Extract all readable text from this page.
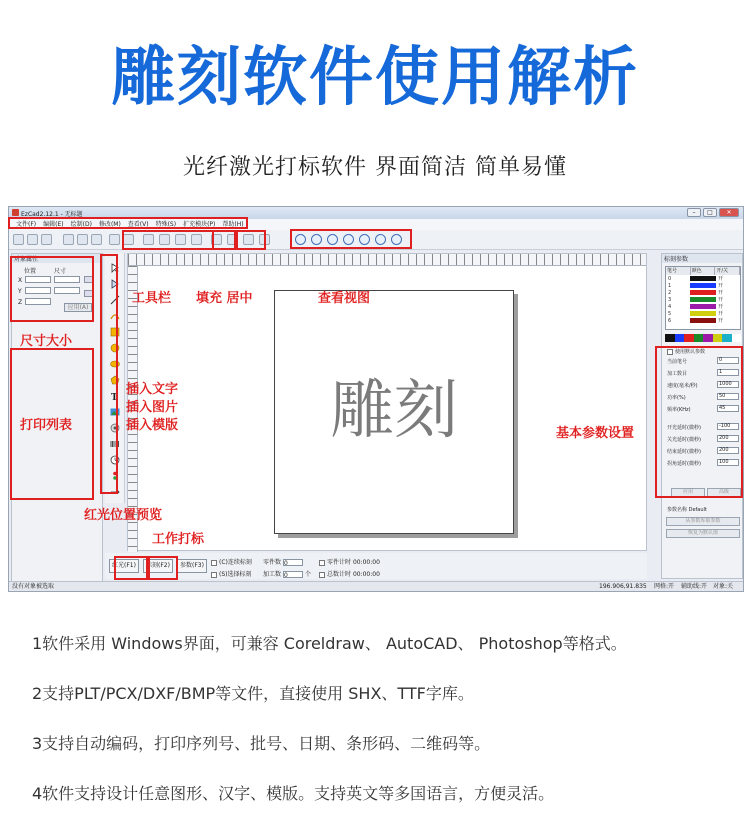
雕刻软件使用解析
光纤激光打标软件 界面简洁 简单易懂
EzCad2.12.1 - 无标题	–	□	✕
文件(F) 编辑(E) 绘制(D) 修改(M) 查看(V) 特殊(S) 扩充模块(P) 帮助(H)
对象属性
位置	尺寸
X
Y
Z
应用(A)
T	雕刻
红光(F1)	标刻(F2)	参数(F3)	(C)连续标刻
(S)选择标刻
零件数 0
加工数 0	个
零件计时 00:00:00
总数计时 00:00:00
标刻参数
笔号	颜色	开/关
0	开
1	开
2	开
3	开
4	开
5	开
6	开
使用默认参数
当前笔号	0
加工数目	1
速度(毫米/秒)	1000
功率(%)	50
频率(KHz)	45
开光延时(微秒)	-100
关光延时(微秒)	200
结束延时(微秒)	200
拐角延时(微秒)	100
应用	高级
参数名称 Default
从参数库取参数
恢复为默认值
没有对象被选取	196.906,91.835 网格:开 辅助线:开 对象:关
工具栏 填充 居中	查看视图
尺寸大小
打印列表
插入文字
插入图片
插入模版
红光位置预览
工作打标
基本参数设置
1软件采用 Windows界面，可兼容 Coreldraw、 AutoCAD、 Photoshop等格式。
2支持PLT/PCX/DXF/BMP等文件，直接使用 SHX、TTF字库。
3支持自动编码，打印序列号、批号、日期、条形码、二维码等。
4软件支持设计任意图形、汉字、模版。支持英文等多国语言，方便灵活。
